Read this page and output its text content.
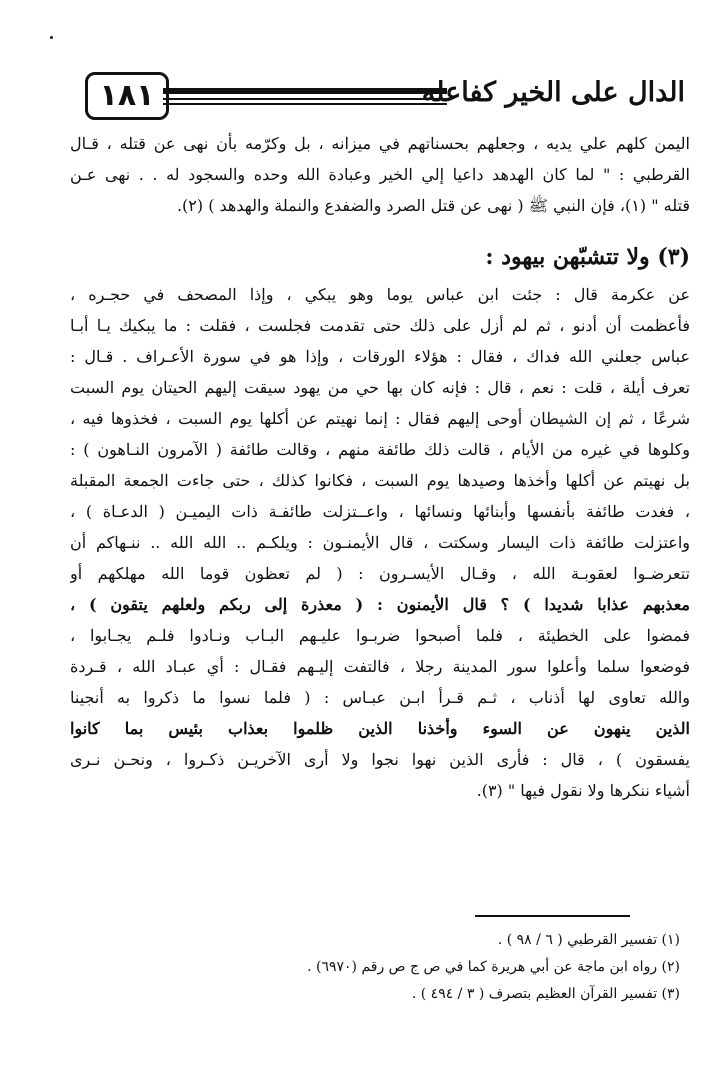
١٨١	الدال على الخير كفاعله
اليمن كلهم علي يديه ، وجعلهم بحسناتهم في ميزانه ، بل وكرّمه بأن نهى عن قتله ، قـال
القرطبي : " لما كان الهدهد داعيا إلي الخير وعبادة الله وحده والسجود له . . نهى عـن
قتله " (١)، فإن النبي ﷺ ( نهى عن قتل الصرد والضفدع والنملة والهدهد ) (٢).
(٣) ولا تتشبّهن بيهود :
عن عكرمة قال : جئت ابن عباس يوما وهو يبكي ، وإذا المصحف في حجـره ،
فأعظمت أن أدنو ، ثم لم أزل على ذلك حتى تقدمت فجلست ، فقلت : ما يبكيك يـا أبـا
عباس جعلني الله فداك ، فقال : هؤلاء الورقات ، وإذا هو في سورة الأعـراف . قـال :
تعرف أيلة ، قلت : نعم ، قال : فإنه كان بها حي من يهود سيقت إليهم الحيتان يوم السبت
شرعًا ، ثم إن الشيطان أوحى إليهم فقال : إنما نهيتم عن أكلها يوم السبت ، فخذوها فيه ،
وكلوها في غيره من الأيام ، قالت ذلك طائفة منهم ، وقالت طائفة ( الآمرون النـاهون ) :
بل نهيتم عن أكلها وأخذها وصيدها يوم السبت ، فكانوا كذلك ، حتى جاءت الجمعة المقبلة
، فغدت طائفة بأنفسها وأبنائها ونسائها ، واعــتزلت طائفـة ذات اليميـن ( الدعـاة ) ،
واعتزلت طائفة ذات اليسار وسكتت ، قال الأيمنـون : ويلكـم .. الله الله .. ننـهاكم أن
تتعرضـوا لعقوبـة الله ، وقـال الأيسـرون : ( لم تعظون قوما الله مهلكهم أو
معذبهم عذابا شديدا ) ؟ قال الأيمنون : ( معذرة إلى ربكم ولعلهم يتقون ) ،
فمضوا على الخطيئة ، فلما أصبحوا ضربـوا عليـهم البـاب ونـادوا فلـم يجـابوا ،
فوضعوا سلما وأعلوا سور المدينة رجلا ، فالتفت إليـهم فقـال : أي عبـاد الله ، قـردة
والله تعاوى لها أذناب ، ثـم قـرأ ابـن عبـاس : ( فلما نسوا ما ذكروا به أنجينا
الذين ينهون عن السوء وأخذنا الذين ظلموا بعذاب بئيس بما كانوا
يفسقون ) ، قال : فأرى الذين نهوا نجوا ولا أرى الآخريـن ذكـروا ، ونحـن نـرى
أشياء ننكرها ولا نقول فيها " (٣).
(١) تفسير القرطبي ( ٦ / ٩٨ ) .
(٢) رواه ابن ماجة عن أبي هريرة كما في ص ج ص رقم (٦٩٧٠) .
(٣) تفسير القرآن العظيم بتصرف ( ٣ / ٤٩٤ ) .
